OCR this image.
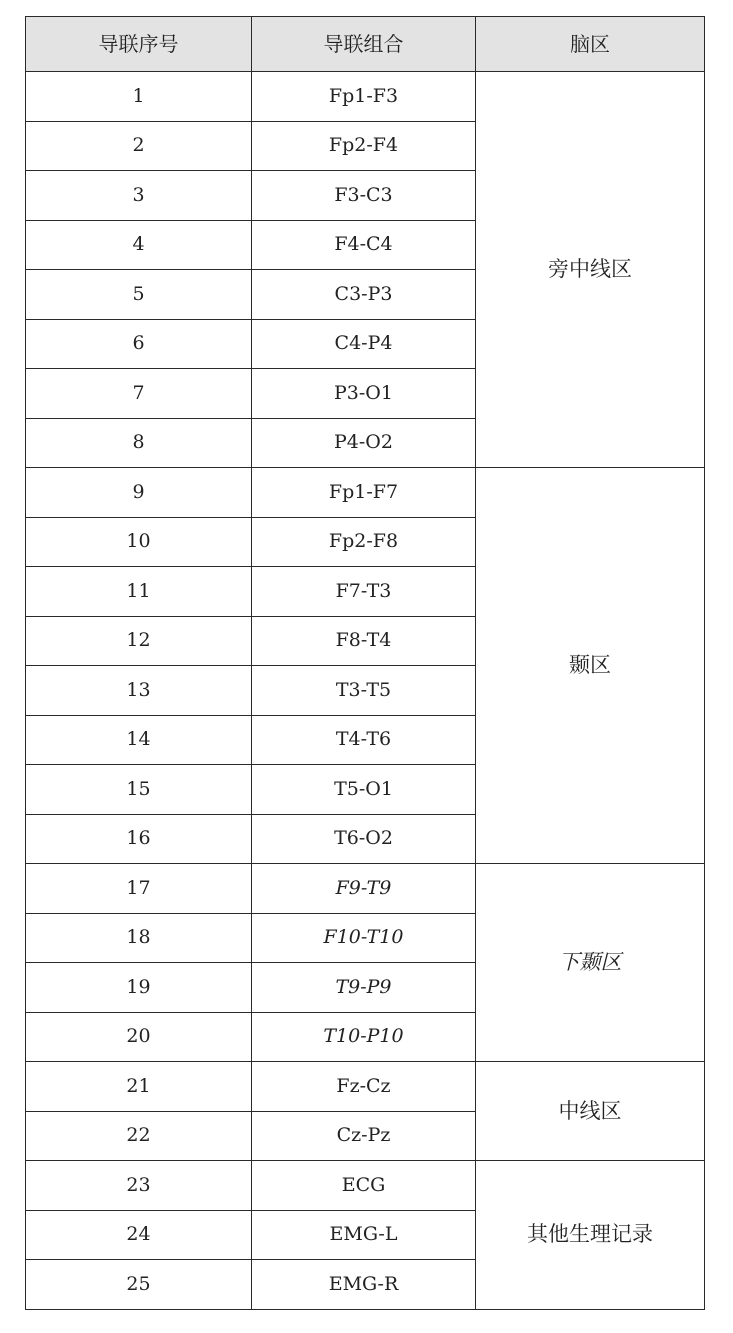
导联序号	导联组合	脑区
1	Fp1-F3	旁中线区
2	Fp2-F4	
3	F3-C3	
4	F4-C4	
5	C3-P3	
6	C4-P4	
7	P3-O1	
8	P4-O2	
9	Fp1-F7	颞区
10	Fp2-F8	
11	F7-T3	
12	F8-T4	
13	T3-T5	
14	T4-T6	
15	T5-O1	
16	T6-O2	
17	F9-T9	下颞区
18	F10-T10	
19	T9-P9	
20	T10-P10	
21	Fz-Cz	中线区
22	Cz-Pz	
23	ECG	其他生理记录
24	EMG-L	
25	EMG-R	
